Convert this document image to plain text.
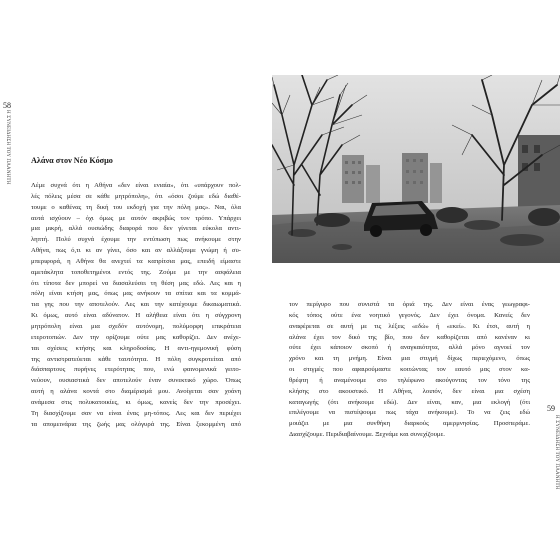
58
Η ΣΥΝΕΙΔΗΣΗ ΤΟΥ ΠΛΑΝΗΤΗ	Αλάνα στον Νέο Κόσμο

Λέμε συχνά ότι η Αθήνα «δεν είναι ενιαία», ότι «υπάρχουν πολ-
λές πόλεις μέσα σε κάθε μητρόπολη», ότι «όσοι ζούμε εδώ διαθέ-
τουμε ο καθένας τη δική του εκδοχή για την πόλη μας». Ναι, όλα
αυτά ισχύουν – όχι όμως με αυτόν ακριβώς τον τρόπο. Υπάρχει
μια μικρή, αλλά ουσιώδης διαφορά που δεν γίνεται εύκολα αντι-
ληπτή. Πολύ συχνά έχουμε την εντύπωση πως ανήκουμε στην
Αθήνα, πως ό,τι κι αν γίνει, όσο και αν αλλάξουμε γνώμη ή συ-
μπεριφορά, η Αθήνα θα ανεχτεί τα καπρίτσια μας, επειδή είμαστε
αμετάκλητα τοποθετημένοι εντός της. Ζούμε με την ασφάλεια
ότι τίποτα δεν μπορεί να διασαλεύσει τη θέση μας εδώ. Λες και η
πόλη είναι κτήση μας, όπως μας ανήκουν τα σπίτια και τα κομμά-
τια γης που την αποτελούν. Λες και την κατέχουμε δικαιωματικά.
Κι όμως, αυτό είναι αδύνατον. Η αλήθεια είναι ότι η σύγχρονη
μητρόπολη είναι μια σχεδόν αυτόνομη, πολύμορφη επικράτεια
ετεροτοπιών. Δεν την ορίζουμε ούτε μας καθορίζει. Δεν ανέχε-
ται σχέσεις κτήσης και κληροδοσίας. Η αντι-ηγεμονική φύση
της αντιστρατεύεται κάθε ταυτότητα. Η πόλη συγκροτείται από
διάσπαρτους πυρήνες ετερότητας που, ενώ φαινομενικά γειτο-
νεύουν, ουσιαστικά δεν αποτελούν έναν συνεκτικό χώρο. Όπως
αυτή η αλάνα κοντά στο διαμέρισμά μου. Ανοίγεται σαν χοάνη
ανάμεσα στις πολυκατοικίες, κι όμως, κανείς δεν την προσέχει.
Τη διασχίζουμε σαν να είναι ένας μη-τόπος. Λες και δεν περιέχει
τα απομεινάρια της ζωής μας ολόγυρά της. Είναι ξεκομμένη από

τον περίγυρο που συνιστά τα όριά της. Δεν είναι ένας γεωγραφι-
κός τόπος ούτε ένα νοητικό γεγονός. Δεν έχει όνομα. Κανείς δεν
αναφέρεται σε αυτή με τις λέξεις «εδώ» ή «εκεί». Κι έτσι, αυτή η
αλάνα έχει τον δικό της βίο, που δεν καθορίζεται από κανέναν κι
ούτε έχει κάποιον σκοπό ή αναγκαιότητα, αλλά μόνο αγνοεί τον
χρόνο και τη μνήμη. Είναι μια στιγμή δίχως περιεχόμενο, όπως
οι στιγμές που αφαιρούμαστε κοιτώντας τον εαυτό μας στον κα-
θρέφτη ή αναμένουμε στο τηλέφωνο ακούγοντας τον τόνο της
κλήσης στο ακουστικό. Η Αθήνα, λοιπόν, δεν είναι μια σχέση
καταγωγής (ότι ανήκουμε εδώ). Δεν είναι, καν, μια εκλογή (ότι
επιλέγουμε να πιστέψουμε πως τάχα ανήκουμε). Το να ζεις εδώ
μοιάζει με μια συνθήκη διαρκούς αμερμνησίας. Προσπεράμε.
Διασχίζουμε. Περιδιαβαίνουμε. Ξεχνάμε και συνεχίζουμε.

59
Η ΣΥΝΕΙΔΗΣΗ ΤΟΥ ΠΛΑΝΗΤΗ
